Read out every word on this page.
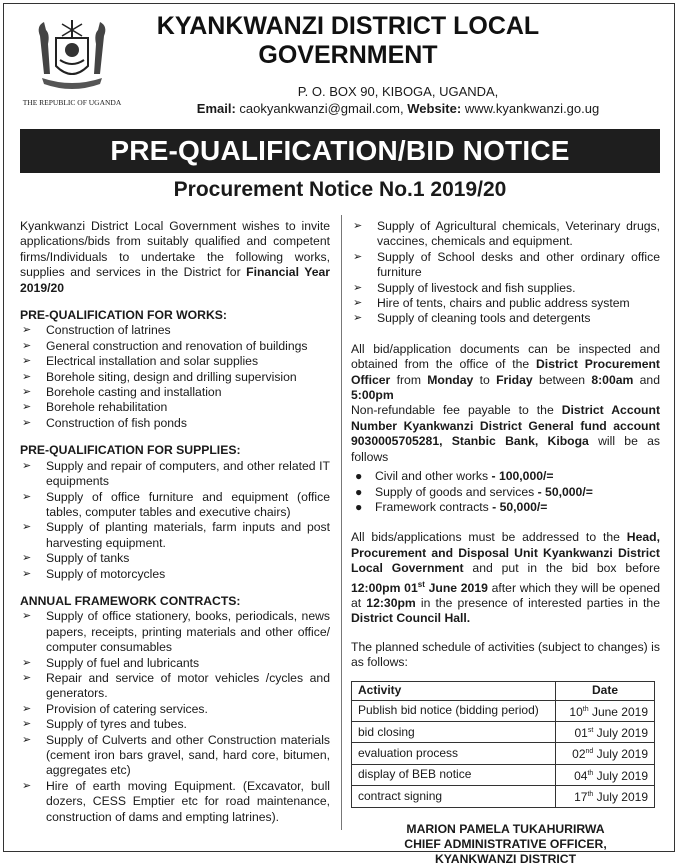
THE REPUBLIC OF UGANDA
KYANKWANZI DISTRICT LOCAL
GOVERNMENT
P. O. BOX 90, KIBOGA, UGANDA,
Email: caokyankwanzi@gmail.com, Website: www.kyankwanzi.go.ug
PRE-QUALIFICATION/BID NOTICE
Procurement Notice No.1 2019/20

Kyankwanzi District Local Government wishes to invite applications/bids from suitably qualified and competent firms/Individuals to undertake the following works, supplies and services in the District for Financial Year 2019/20

PRE-QUALIFICATION FOR WORKS:
➢ Construction of latrines
➢ General construction and renovation of buildings
➢ Electrical installation and solar supplies
➢ Borehole siting, design and drilling supervision
➢ Borehole casting and installation
➢ Borehole rehabilitation
➢ Construction of fish ponds
PRE-QUALIFICATION FOR SUPPLIES:
➢ Supply and repair of computers, and other related IT equipments
➢ Supply of office furniture and equipment (office tables, computer tables and executive chairs)
➢ Supply of planting materials, farm inputs and post harvesting equipment.
➢ Supply of tanks
➢ Supply of motorcycles
ANNUAL FRAMEWORK CONTRACTS:
➢ Supply of office stationery, books, periodicals, news papers, receipts, printing materials and other office/ computer consumables
➢ Supply of fuel and lubricants
➢ Repair and service of motor vehicles /cycles and generators.
➢ Provision of catering services.
➢ Supply of tyres and tubes.
➢ Supply of Culverts and other Construction materials (cement iron bars gravel, sand, hard core, bitumen, aggregates etc)
➢ Hire of earth moving Equipment. (Excavator, bull dozers, CESS Emptier etc for road maintenance, construction of dams and empting latrines).
➢ Supply of Agricultural chemicals, Veterinary drugs, vaccines, chemicals and equipment.
➢ Supply of School desks and other ordinary office furniture
➢ Supply of livestock and fish supplies.
➢ Hire of tents, chairs and public address system
➢ Supply of cleaning tools and detergents

All bid/application documents can be inspected and obtained from the office of the District Procurement Officer from Monday to Friday between 8:00am and 5:00pm

Non-refundable fee payable to the District Account Number Kyankwanzi District General fund account 9030005705281, Stanbic Bank, Kiboga will be as follows

● Civil and other works - 100,000/=
● Supply of goods and services - 50,000/=
● Framework contracts - 50,000/=

All bids/applications must be addressed to the Head, Procurement and Disposal Unit Kyankwanzi District Local Government and put in the bid box before 12:00pm 01st June 2019 after which they will be opened at 12:30pm in the presence of interested parties in the District Council Hall.

The planned schedule of activities (subject to changes) is as follows:

Activity	Date
Publish bid notice (bidding period)	10th June 2019
bid closing	01st July 2019
evaluation process	02nd July 2019
display of BEB notice	04th July 2019
contract signing	17th July 2019
MARION PAMELA TUKAHURIRWA
CHIEF ADMINISTRATIVE OFFICER,
KYANKWANZI DISTRICT
